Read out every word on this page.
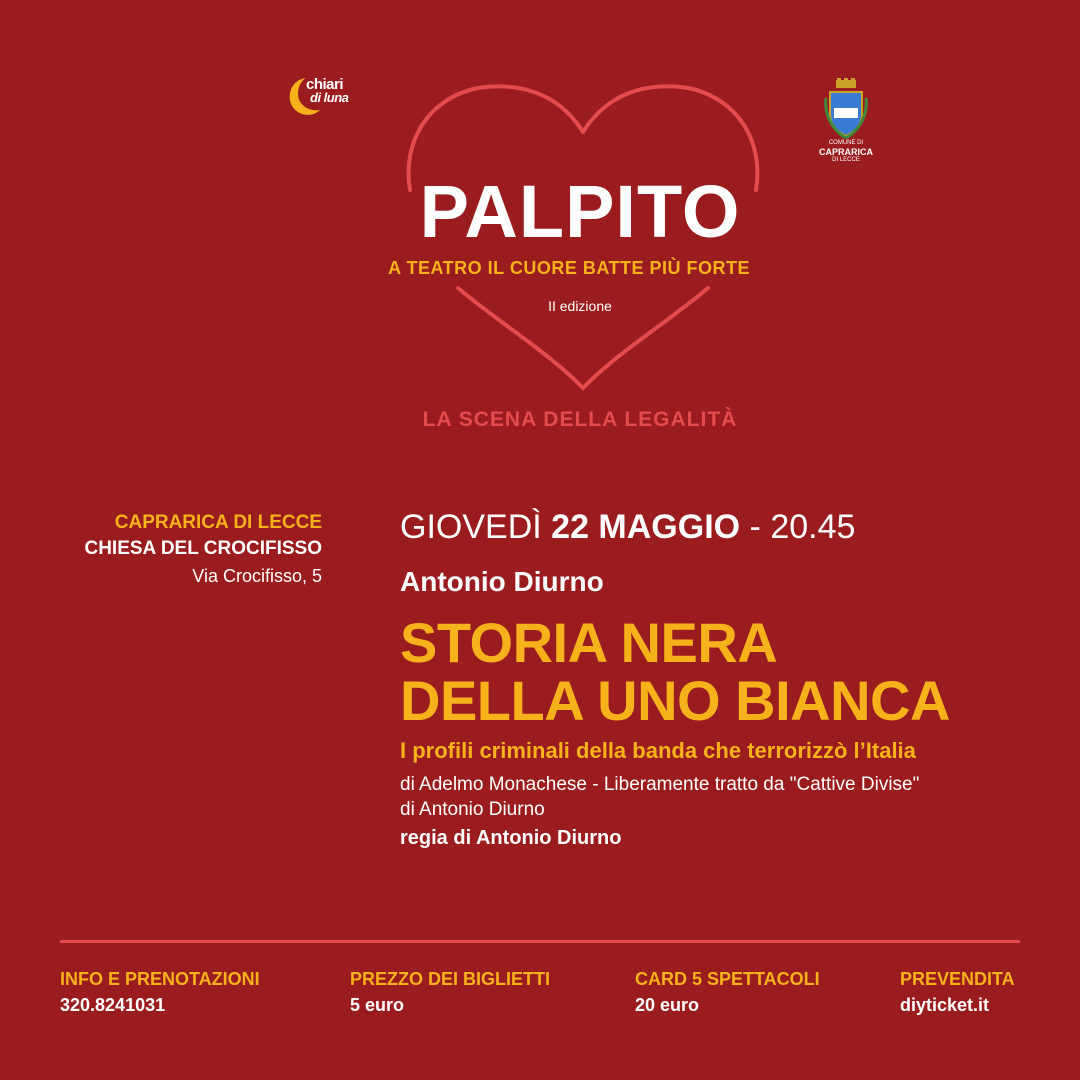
chiari
di luna
COMUNE DI
CAPRARICA
DI LECCE
PALPITO
A TEATRO IL CUORE BATTE PIÙ FORTE
II edizione
LA SCENA DELLA LEGALITÀ
CAPRARICA DI LECCE
CHIESA DEL CROCIFISSO
Via Crocifisso, 5
GIOVEDÌ 22 MAGGIO - 20.45
Antonio Diurno
STORIA NERA
DELLA UNO BIANCA
I profili criminali della banda che terrorizzò l’Italia
di Adelmo Monachese - Liberamente tratto da "Cattive Divise"
di Antonio Diurno
regia di Antonio Diurno
INFO E PRENOTAZIONI
320.8241031
PREZZO DEI BIGLIETTI
5 euro
CARD 5 SPETTACOLI
20 euro
PREVENDITA
diyticket.it
